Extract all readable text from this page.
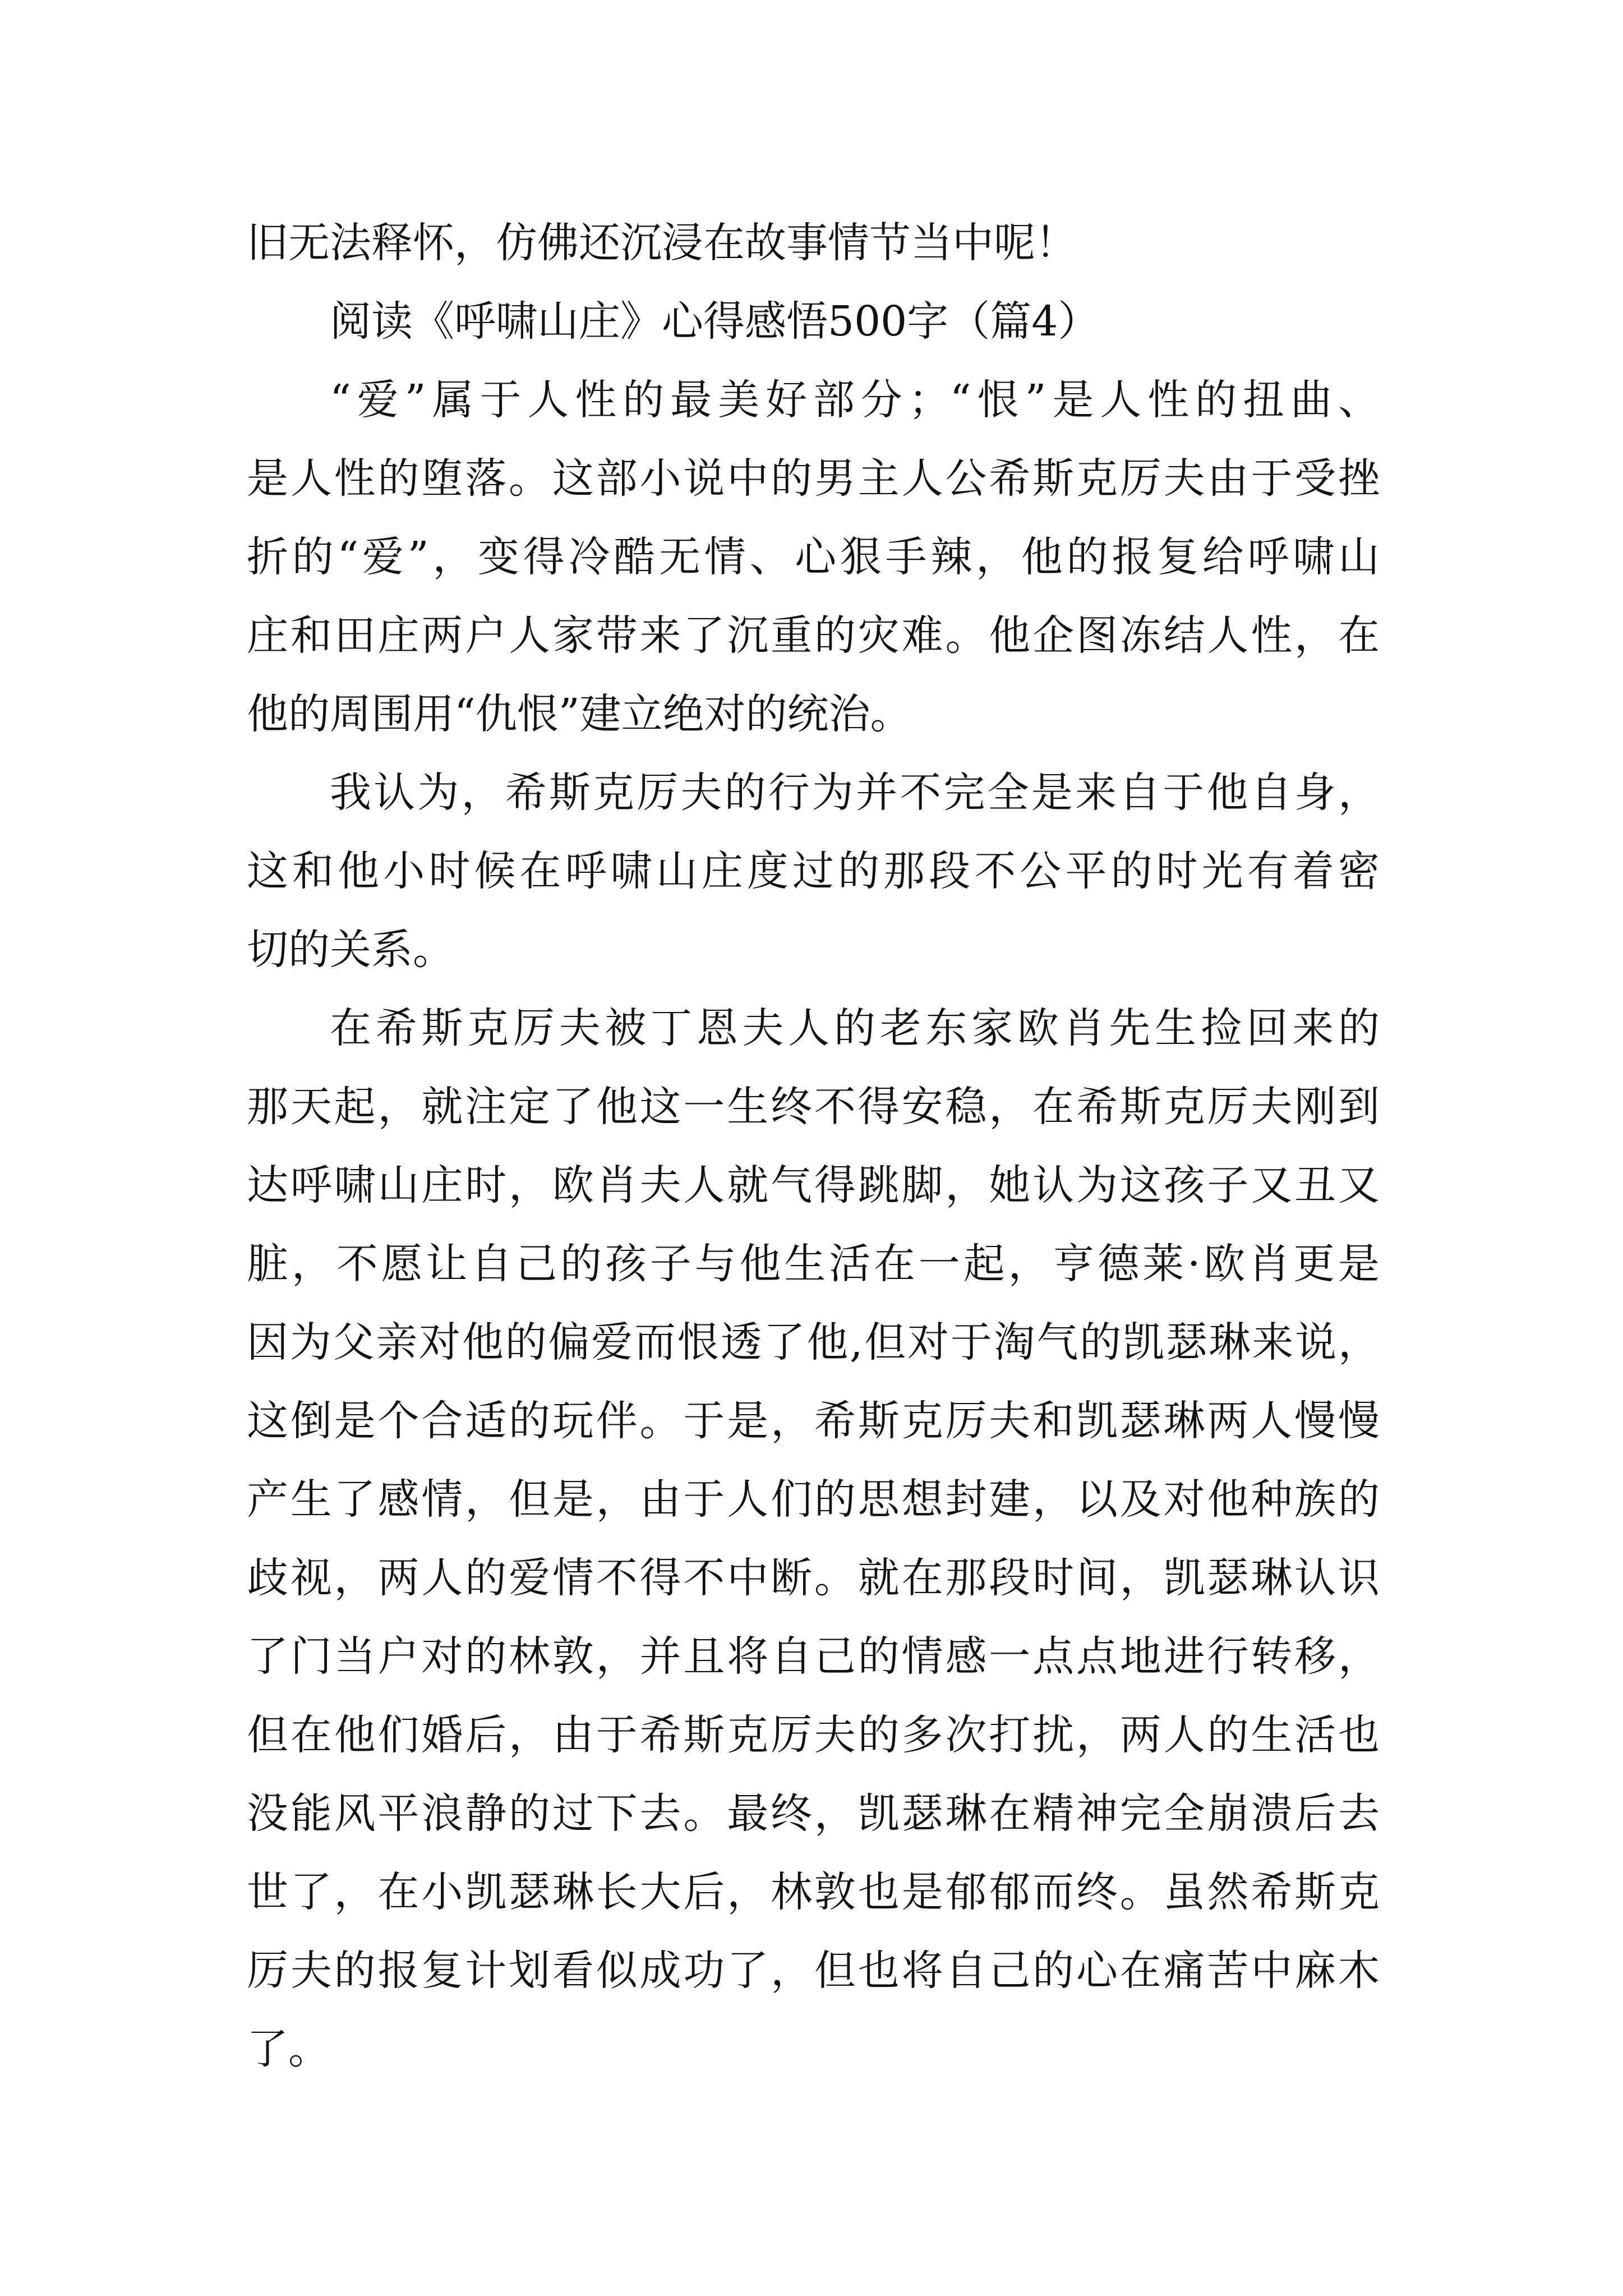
旧无法释怀，仿佛还沉浸在故事情节当中呢！
阅读《呼啸山庄》心得感悟500字（篇4）
“爱”属于人性的最美好部分；“恨”是人性的扭曲、
是人性的堕落。这部小说中的男主人公希斯克厉夫由于受挫
折的“爱”，变得冷酷无情、心狠手辣，他的报复给呼啸山
庄和田庄两户人家带来了沉重的灾难。他企图冻结人性，在
他的周围用“仇恨”建立绝对的统治。
我认为，希斯克厉夫的行为并不完全是来自于他自身，
这和他小时候在呼啸山庄度过的那段不公平的时光有着密
切的关系。
在希斯克厉夫被丁恩夫人的老东家欧肖先生捡回来的
那天起，就注定了他这一生终不得安稳，在希斯克厉夫刚到
达呼啸山庄时，欧肖夫人就气得跳脚，她认为这孩子又丑又
脏，不愿让自己的孩子与他生活在一起，亨德莱·欧肖更是
因为父亲对他的偏爱而恨透了他,但对于淘气的凯瑟琳来说，
这倒是个合适的玩伴。于是，希斯克厉夫和凯瑟琳两人慢慢
产生了感情，但是，由于人们的思想封建，以及对他种族的
歧视，两人的爱情不得不中断。就在那段时间，凯瑟琳认识
了门当户对的林敦，并且将自己的情感一点点地进行转移，
但在他们婚后，由于希斯克厉夫的多次打扰，两人的生活也
没能风平浪静的过下去。最终，凯瑟琳在精神完全崩溃后去
世了，在小凯瑟琳长大后，林敦也是郁郁而终。虽然希斯克
厉夫的报复计划看似成功了，但也将自己的心在痛苦中麻木
了。
